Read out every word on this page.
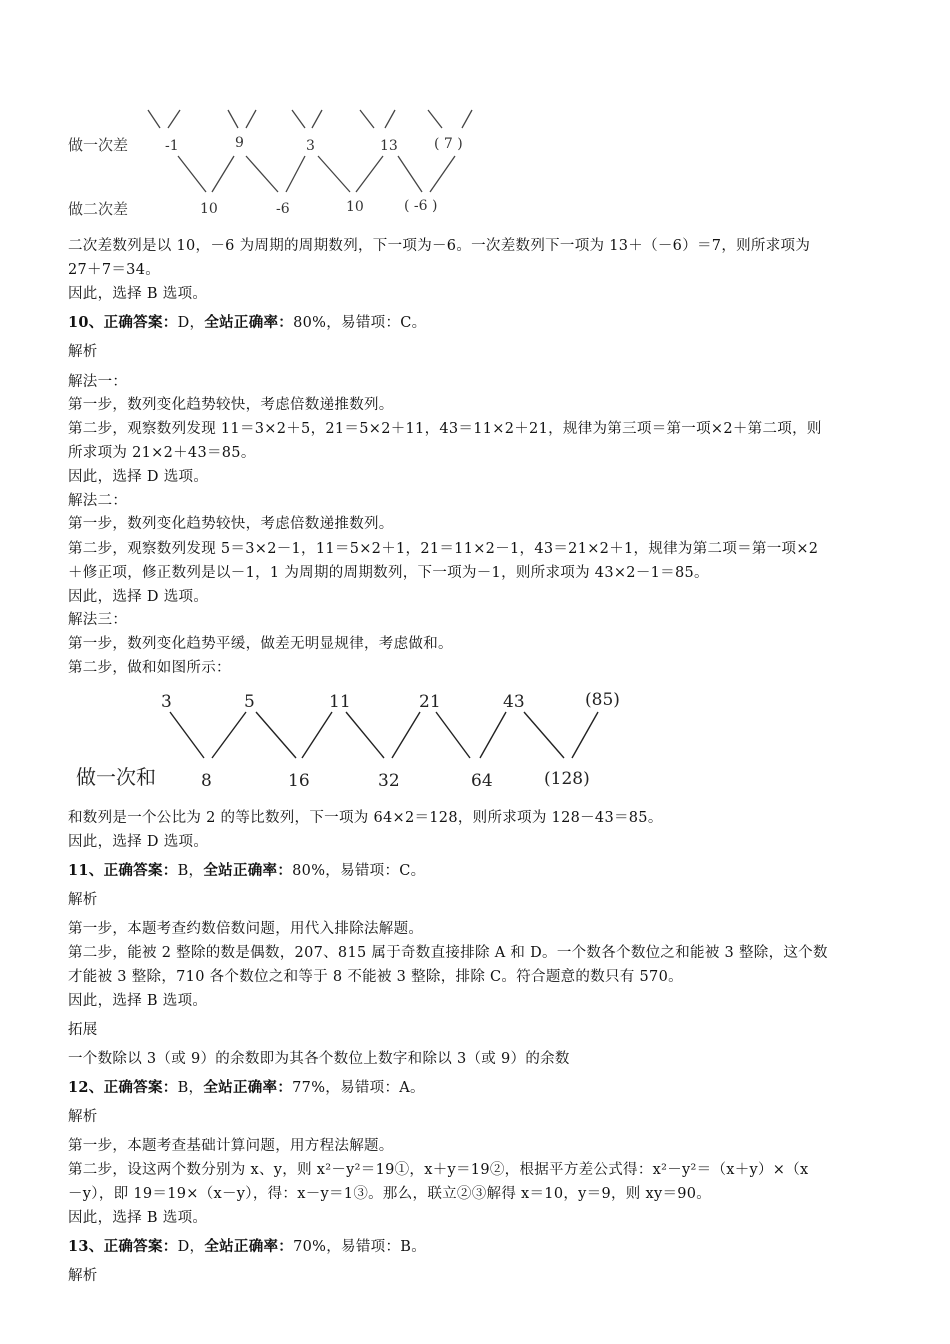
做一次差	-1	9	3	13	( 7 )
做二次差	10	-6	10	( -6 )
二次差数列是以 10，－6 为周期的周期数列，下一项为－6。一次差数列下一项为 13＋（－6）＝7，则所求项为
27＋7＝34。
因此，选择 B 选项。
10、正确答案：D，全站正确率：80%，易错项：C。
解析
解法一：
第一步，数列变化趋势较快，考虑倍数递推数列。
第二步，观察数列发现 11＝3×2＋5，21＝5×2＋11，43＝11×2＋21，规律为第三项＝第一项×2＋第二项，则
所求项为 21×2＋43＝85。
因此，选择 D 选项。
解法二：
第一步，数列变化趋势较快，考虑倍数递推数列。
第二步，观察数列发现 5＝3×2－1，11＝5×2＋1，21＝11×2－1，43＝21×2＋1，规律为第二项＝第一项×2
＋修正项，修正数列是以－1，1 为周期的周期数列，下一项为－1，则所求项为 43×2－1＝85。
因此，选择 D 选项。
解法三：
第一步，数列变化趋势平缓，做差无明显规律，考虑做和。
第二步，做和如图所示：
3	5	11	21	43	(85)
做一次和	8	16	32	64	(128)
和数列是一个公比为 2 的等比数列，下一项为 64×2＝128，则所求项为 128－43＝85。
因此，选择 D 选项。
11、正确答案：B，全站正确率：80%，易错项：C。
解析
第一步，本题考查约数倍数问题，用代入排除法解题。
第二步，能被 2 整除的数是偶数，207、815 属于奇数直接排除 A 和 D。一个数各个数位之和能被 3 整除，这个数
才能被 3 整除，710 各个数位之和等于 8 不能被 3 整除，排除 C。符合题意的数只有 570。
因此，选择 B 选项。
拓展
一个数除以 3（或 9）的余数即为其各个数位上数字和除以 3（或 9）的余数
12、正确答案：B，全站正确率：77%，易错项：A。
解析
第一步，本题考查基础计算问题，用方程法解题。
第二步，设这两个数分别为 x、y，则 x²－y²＝19①，x＋y＝19②，根据平方差公式得：x²－y²＝（x＋y）×（x
－y），即 19＝19×（x－y），得：x－y＝1③。那么，联立②③解得 x＝10，y＝9，则 xy＝90。
因此，选择 B 选项。
13、正确答案：D，全站正确率：70%，易错项：B。
解析
